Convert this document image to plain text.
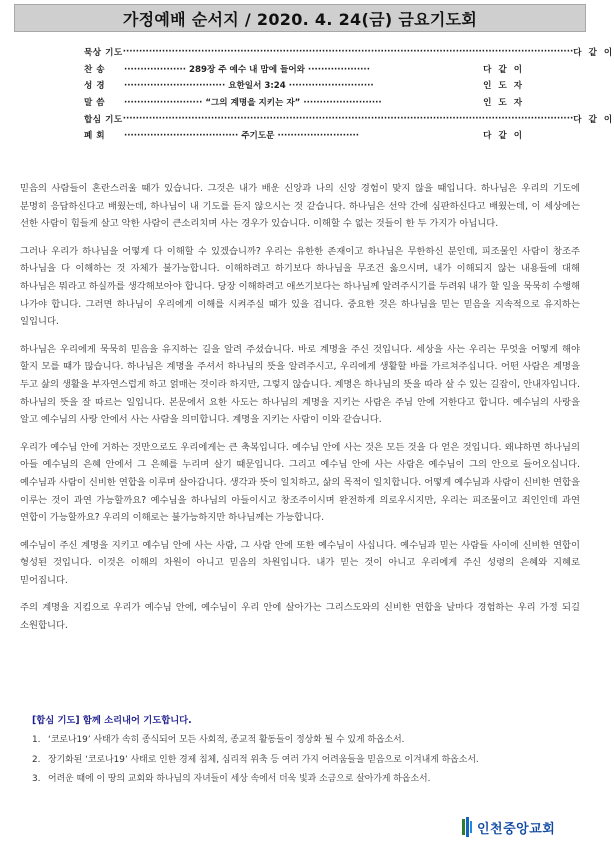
가정예배 순서지 / 2020. 4. 24(금) 금요기도회
묵상 기도 ·········································································································································· 다 같 이
찬 송	··················· 289장 주 예수 내 맘에 들어와 ···················	다 같 이
성 경	······························· 요한일서 3:24 ··························	인 도 자
말 씀	························ “그의 계명을 지키는 자” ························	인 도 자
합심 기도 ·········································································································································· 다 같 이
폐 회	··································· 주기도문 ·························	다 같 이

믿음의 사람들이 혼란스러울 때가 있습니다. 그것은 내가 배운 신앙과 나의 신앙 경험이 맞지 않을 때입니다. 하나님은 우리의 기도에 분명히 응답하신다고 배웠는데, 하나님이 내 기도를 듣지 않으시는 것 같습니다. 하나님은 선악 간에 심판하신다고 배웠는데, 이 세상에는 선한 사람이 힘들게 살고 악한 사람이 큰소리치며 사는 경우가 있습니다. 이해할 수 없는 것들이 한 두 가지가 아닙니다.

그러나 우리가 하나님을 어떻게 다 이해할 수 있겠습니까? 우리는 유한한 존재이고 하나님은 무한하신 분인데, 피조물인 사람이 창조주 하나님을 다 이해하는 것 자체가 불가능합니다. 이해하려고 하기보다 하나님을 무조건 옳으시며, 내가 이해되지 않는 내용들에 대해 하나님은 뭐라고 하실까를 생각해보아야 합니다. 당장 이해하려고 애쓰기보다는 하나님께 알려주시기를 두려워 내가 할 일을 묵묵히 수행해 나가야 합니다. 그러면 하나님이 우리에게 이해를 시켜주실 때가 있을 겁니다. 중요한 것은 하나님을 믿는 믿음을 지속적으로 유지하는 일입니다.

하나님은 우리에게 묵묵히 믿음을 유지하는 길을 알려 주셨습니다. 바로 계명을 주신 것입니다. 세상을 사는 우리는 무엇을 어떻게 해야 할지 모를 때가 많습니다. 하나님은 계명을 주셔서 하나님의 뜻을 알려주시고, 우리에게 생활할 바를 가르쳐주십니다. 어떤 사람은 계명을 두고 삶의 생활을 부자연스럽게 하고 얽매는 것이라 하지만, 그렇지 않습니다. 계명은 하나님의 뜻을 따라 살 수 있는 길잡이, 안내자입니다. 하나님의 뜻을 잘 따르는 일입니다. 본문에서 요한 사도는 하나님의 계명을 지키는 사람은 주님 안에 거한다고 합니다. 예수님의 사랑을 알고 예수님의 사랑 안에서 사는 사람을 의미합니다. 계명을 지키는 사람이 이와 같습니다.

우리가 예수님 안에 거하는 것만으로도 우리에게는 큰 축복입니다. 예수님 안에 사는 것은 모든 것을 다 얻은 것입니다. 왜냐하면 하나님의 아들 예수님의 은혜 안에서 그 은혜를 누리며 살기 때문입니다. 그리고 예수님 안에 사는 사람은 예수님이 그의 안으로 들어오십니다. 예수님과 사람이 신비한 연합을 이루며 살아갑니다. 생각과 뜻이 일치하고, 삶의 목적이 일치합니다. 어떻게 예수님과 사람이 신비한 연합을 이루는 것이 과연 가능할까요? 예수님을 하나님의 아들이시고 창조주이시며 완전하게 의로우시지만, 우리는 피조물이고 죄인인데 과연 연합이 가능할까요? 우리의 이해로는 불가능하지만 하나님께는 가능합니다.

예수님이 주신 계명을 지키고 예수님 안에 사는 사람, 그 사람 안에 또한 예수님이 사십니다. 예수님과 믿는 사람들 사이에 신비한 연합이 형성된 것입니다. 이것은 이해의 차원이 아니고 믿음의 차원입니다. 내가 믿는 것이 아니고 우리에게 주신 성령의 은혜와 지혜로 믿어집니다.

주의 계명을 지킴으로 우리가 예수님 안에, 예수님이 우리 안에 살아가는 그리스도와의 신비한 연합을 날마다 경험하는 우리 가정 되길 소원합니다.

[합심 기도] 함께 소리내어 기도합니다.

1. ‘코로나19’ 사태가 속히 종식되어 모든 사회적, 종교적 활동들이 정상화 될 수 있게 하옵소서.
2. 장기화된 ‘코로나19’ 사태로 인한 경제 침체, 심리적 위축 등 여러 가지 어려움들을 믿음으로 이겨내게 하옵소서.
3. 어려운 때에 이 땅의 교회와 하나님의 자녀들이 세상 속에서 더욱 빛과 소금으로 살아가게 하옵소서.
인천중앙교회
